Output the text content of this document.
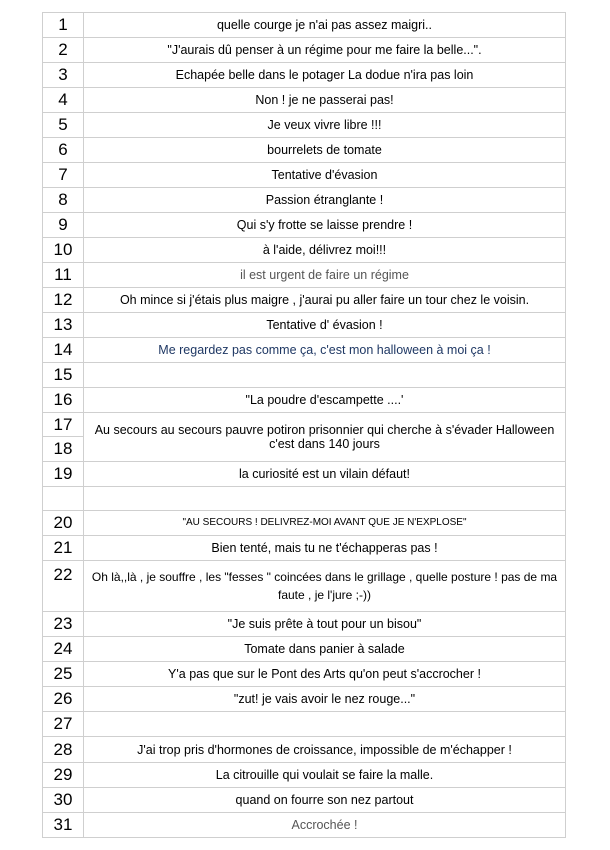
1	quelle courge je n'ai pas assez maigri..
2	"J'aurais dû penser à un régime pour me faire la belle...".
3	Echapée belle dans le potager La dodue n'ira pas loin
4	Non ! je ne passerai pas!
5	Je veux vivre libre !!!
6	bourrelets de tomate
7	Tentative d'évasion
8	Passion étranglante !
9	Qui s'y frotte se laisse prendre !
10	à l'aide, délivrez moi!!!
11	il est urgent de faire un régime
12	Oh mince si j'étais plus maigre , j'aurai pu aller faire un tour chez le voisin.
13	Tentative d' évasion !
14	Me regardez pas comme ça, c'est mon halloween à moi ça !
15	
16	"La poudre d'escampette ....'
17	Au secours au secours pauvre potiron prisonnier qui cherche à s'évader Halloween c'est dans 140 jours
18	
19	la curiosité est un vilain défaut!

20	"AU SECOURS ! DELIVREZ-MOI AVANT QUE JE N'EXPLOSE"
21	Bien tenté, mais tu ne t'échapperas pas !
22	Oh là,,là , je souffre , les "fesses " coincées dans le grillage , quelle posture ! pas de ma faute , je l'jure ;-))
23	"Je suis prête à tout pour un bisou"
24	Tomate dans panier à salade
25	Y'a pas que sur le Pont des Arts qu'on peut s'accrocher !
26	"zut! je vais avoir le nez rouge..."
27	
28	J'ai trop pris d'hormones de croissance, impossible de m'échapper !
29	La citrouille qui voulait se faire la malle.
30	quand on fourre son nez partout
31	Accrochée !
